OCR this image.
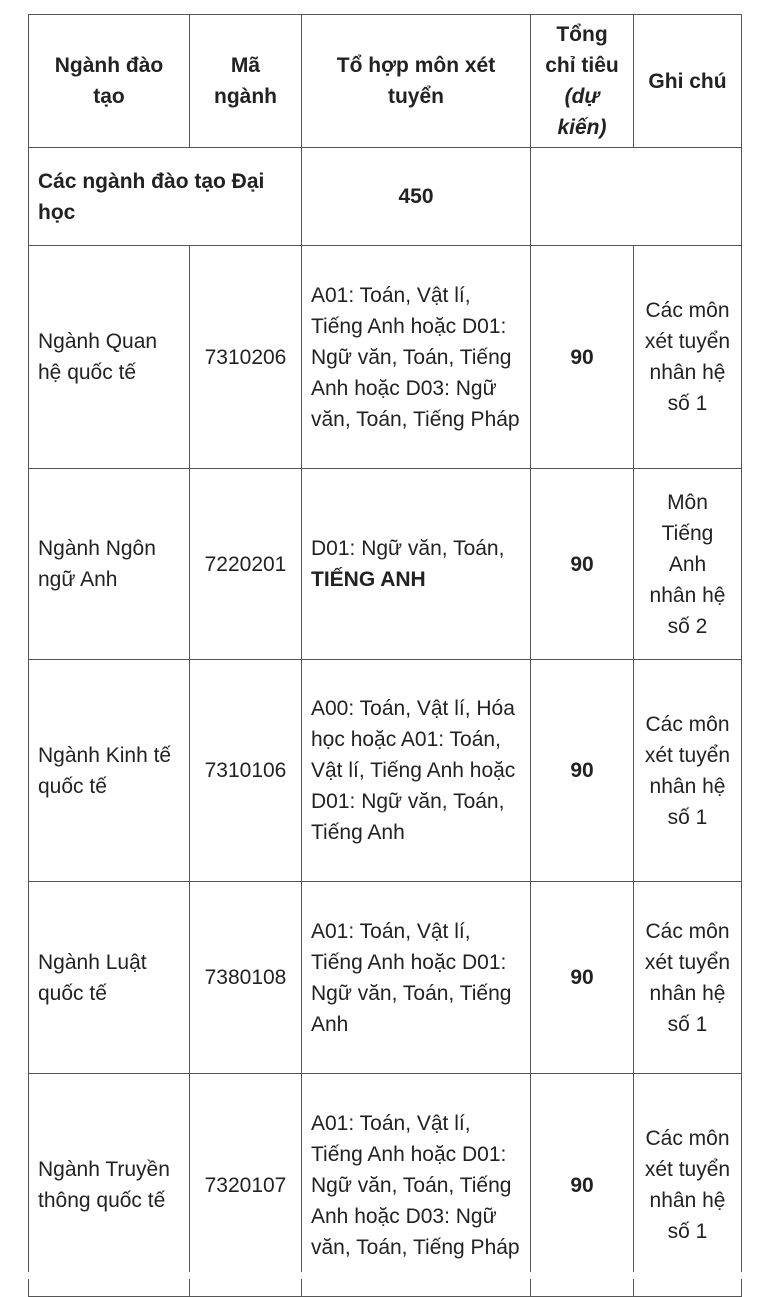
Ngành đào tạo	Mã ngành	Tổ hợp môn xét tuyển	Tổng chỉ tiêu (dự kiến)	Ghi chú
Các ngành đào tạo Đại học		450		
Ngành Quan hệ quốc tế	7310206	A01: Toán, Vật lí, Tiếng Anh hoặc D01: Ngữ văn, Toán, Tiếng Anh hoặc D03: Ngữ văn, Toán, Tiếng Pháp	90	Các môn xét tuyển nhân hệ số 1
Ngành Ngôn ngữ Anh	7220201	D01: Ngữ văn, Toán, TIẾNG ANH	90	Môn Tiếng Anh nhân hệ số 2
Ngành Kinh tế quốc tế	7310106	A00: Toán, Vật lí, Hóa học hoặc A01: Toán, Vật lí, Tiếng Anh hoặc D01: Ngữ văn, Toán, Tiếng Anh	90	Các môn xét tuyển nhân hệ số 1
Ngành Luật quốc tế	7380108	A01: Toán, Vật lí, Tiếng Anh hoặc D01: Ngữ văn, Toán, Tiếng Anh	90	Các môn xét tuyển nhân hệ số 1
Ngành Truyền thông quốc tế	7320107	A01: Toán, Vật lí, Tiếng Anh hoặc D01: Ngữ văn, Toán, Tiếng Anh hoặc D03: Ngữ văn, Toán, Tiếng Pháp	90	Các môn xét tuyển nhân hệ số 1
